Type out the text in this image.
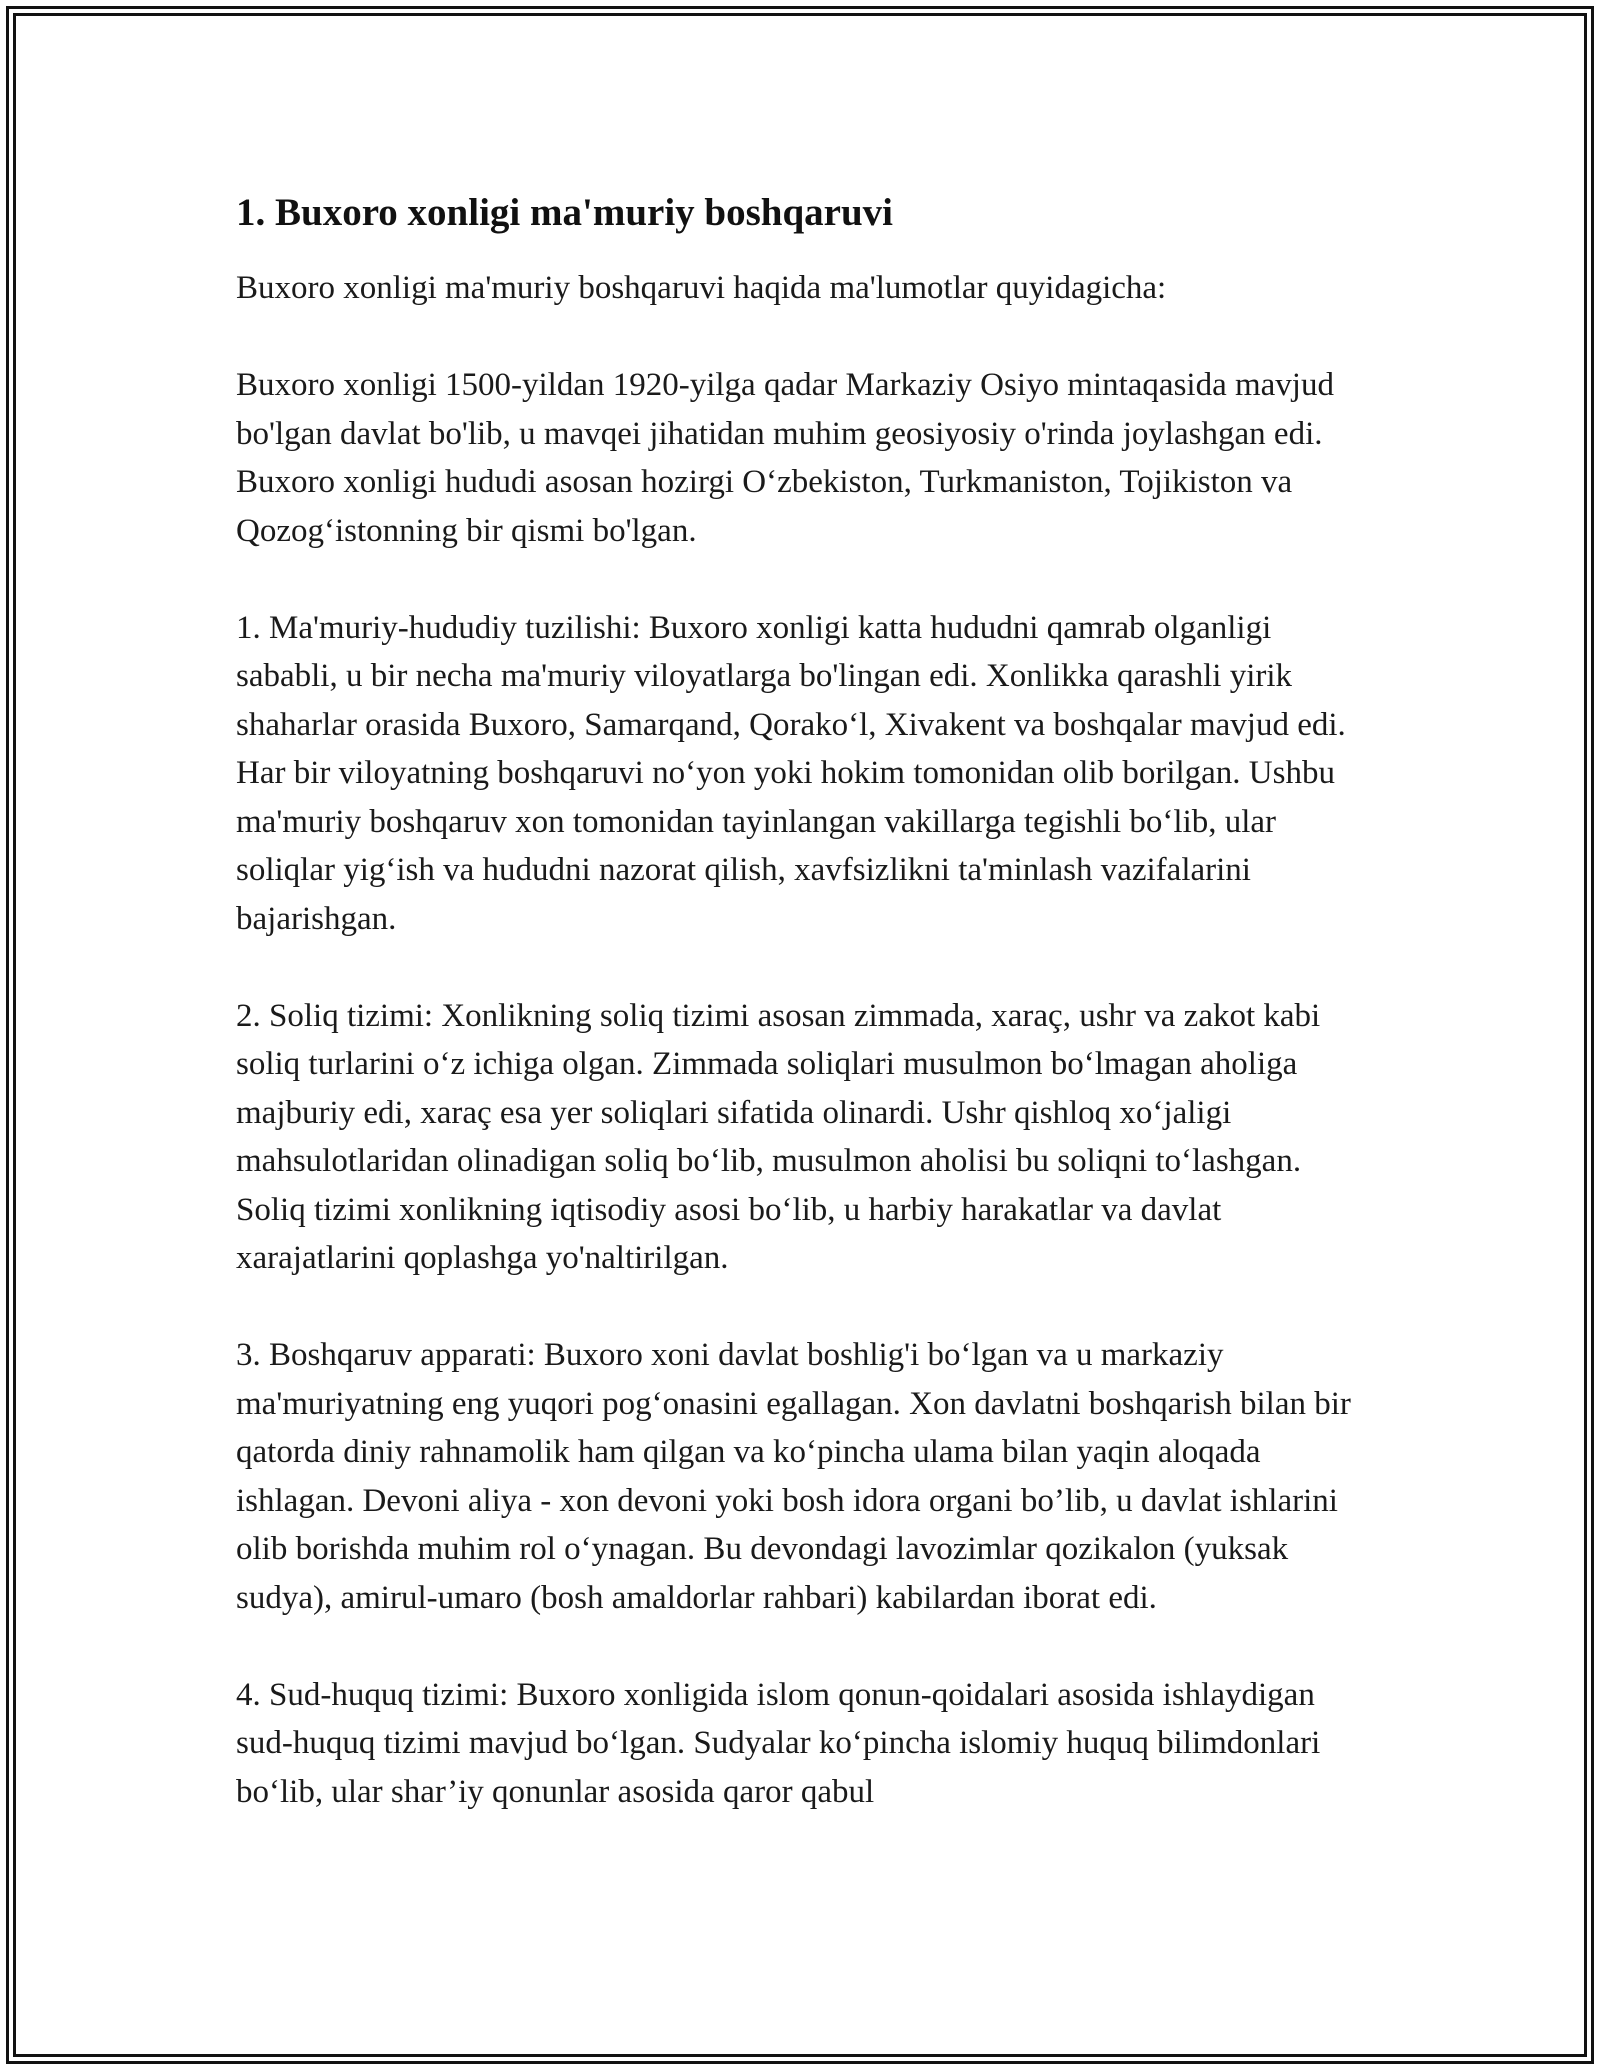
1. Buxoro xonligi ma'muriy boshqaruvi

Buxoro xonligi ma'muriy boshqaruvi haqida ma'lumotlar quyidagicha:

Buxoro xonligi 1500-yildan 1920-yilga qadar Markaziy Osiyo mintaqasida mavjud bo'lgan davlat bo'lib, u mavqei jihatidan muhim geosiyosiy o'rinda joylashgan edi. Buxoro xonligi hududi asosan hozirgi O‘zbekiston, Turkmaniston, Tojikiston va Qozog‘istonning bir qismi bo'lgan.

1. Ma'muriy-hududiy tuzilishi: Buxoro xonligi katta hududni qamrab olganligi sababli, u bir necha ma'muriy viloyatlarga bo'lingan edi. Xonlikka qarashli yirik shaharlar orasida Buxoro, Samarqand, Qorako‘l, Xivakent va boshqalar mavjud edi. Har bir viloyatning boshqaruvi no‘yon yoki hokim tomonidan olib borilgan. Ushbu ma'muriy boshqaruv xon tomonidan tayinlangan vakillarga tegishli bo‘lib, ular soliqlar yig‘ish va hududni nazorat qilish, xavfsizlikni ta'minlash vazifalarini bajarishgan.

2. Soliq tizimi: Xonlikning soliq tizimi asosan zimmada, xaraç, ushr va zakot kabi soliq turlarini o‘z ichiga olgan. Zimmada soliqlari musulmon bo‘lmagan aholiga majburiy edi, xaraç esa yer soliqlari sifatida olinardi. Ushr qishloq xo‘jaligi mahsulotlaridan olinadigan soliq bo‘lib, musulmon aholisi bu soliqni to‘lashgan. Soliq tizimi xonlikning iqtisodiy asosi bo‘lib, u harbiy harakatlar va davlat xarajatlarini qoplashga yo'naltirilgan.

3. Boshqaruv apparati: Buxoro xoni davlat boshlig'i bo‘lgan va u markaziy ma'muriyatning eng yuqori pog‘onasini egallagan. Xon davlatni boshqarish bilan bir qatorda diniy rahnamolik ham qilgan va ko‘pincha ulama bilan yaqin aloqada ishlagan. Devoni aliya - xon devoni yoki bosh idora organi bo’lib, u davlat ishlarini olib borishda muhim rol o‘ynagan. Bu devondagi lavozimlar qozikalon (yuksak sudya), amirul-umaro (bosh amaldorlar rahbari) kabilardan iborat edi.

4. Sud-huquq tizimi: Buxoro xonligida islom qonun-qoidalari asosida ishlaydigan sud-huquq tizimi mavjud bo‘lgan. Sudyalar ko‘pincha islomiy huquq bilimdonlari bo‘lib, ular shar’iy qonunlar asosida qaror qabul
